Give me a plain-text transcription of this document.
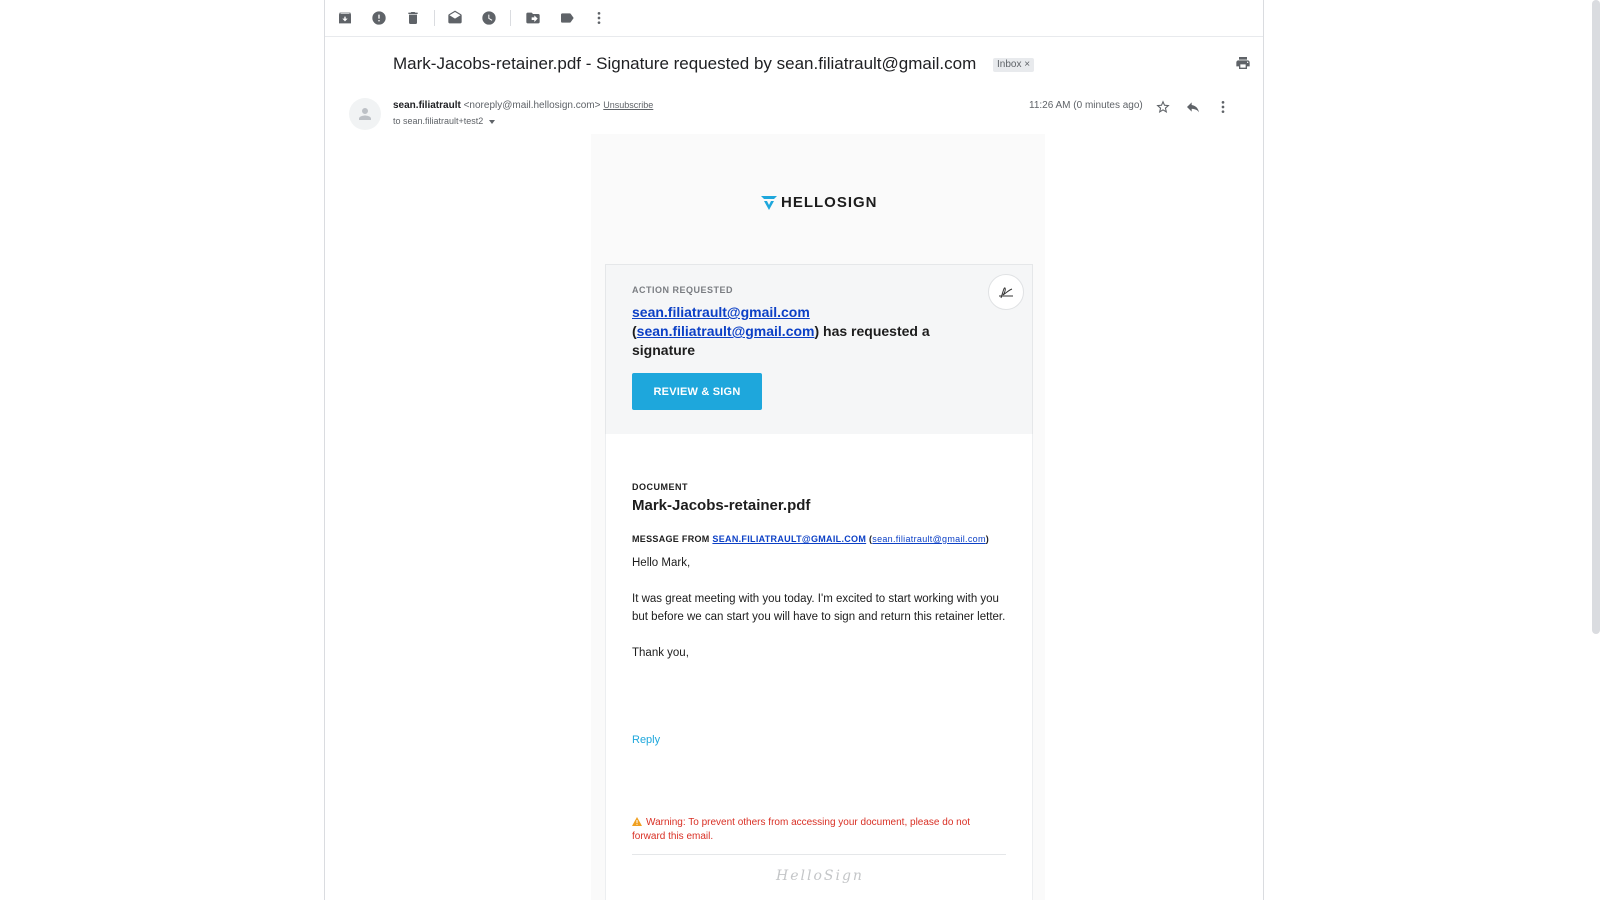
Mark-Jacobs-retainer.pdf - Signature requested by sean.filiatrault@gmail.com	Inbox ×
sean.filiatrault <noreply@mail.hellosign.com> Unsubscribe
to sean.filiatrault+test2
11:26 AM (0 minutes ago)
HELLOSIGN
ACTION REQUESTED
sean.filiatrault@gmail.com
(sean.filiatrault@gmail.com) has requested a signature
REVIEW & SIGN
DOCUMENT
Mark-Jacobs-retainer.pdf
MESSAGE FROM SEAN.FILIATRAULT@GMAIL.COM (sean.filiatrault@gmail.com)

Hello Mark,

It was great meeting with you today. I'm excited to start working with you but before we can start you will have to sign and return this retainer letter.

Thank you,

Reply
Warning: To prevent others from accessing your document, please do not forward this email.
H​e​l​l​o​S​i​g​n
